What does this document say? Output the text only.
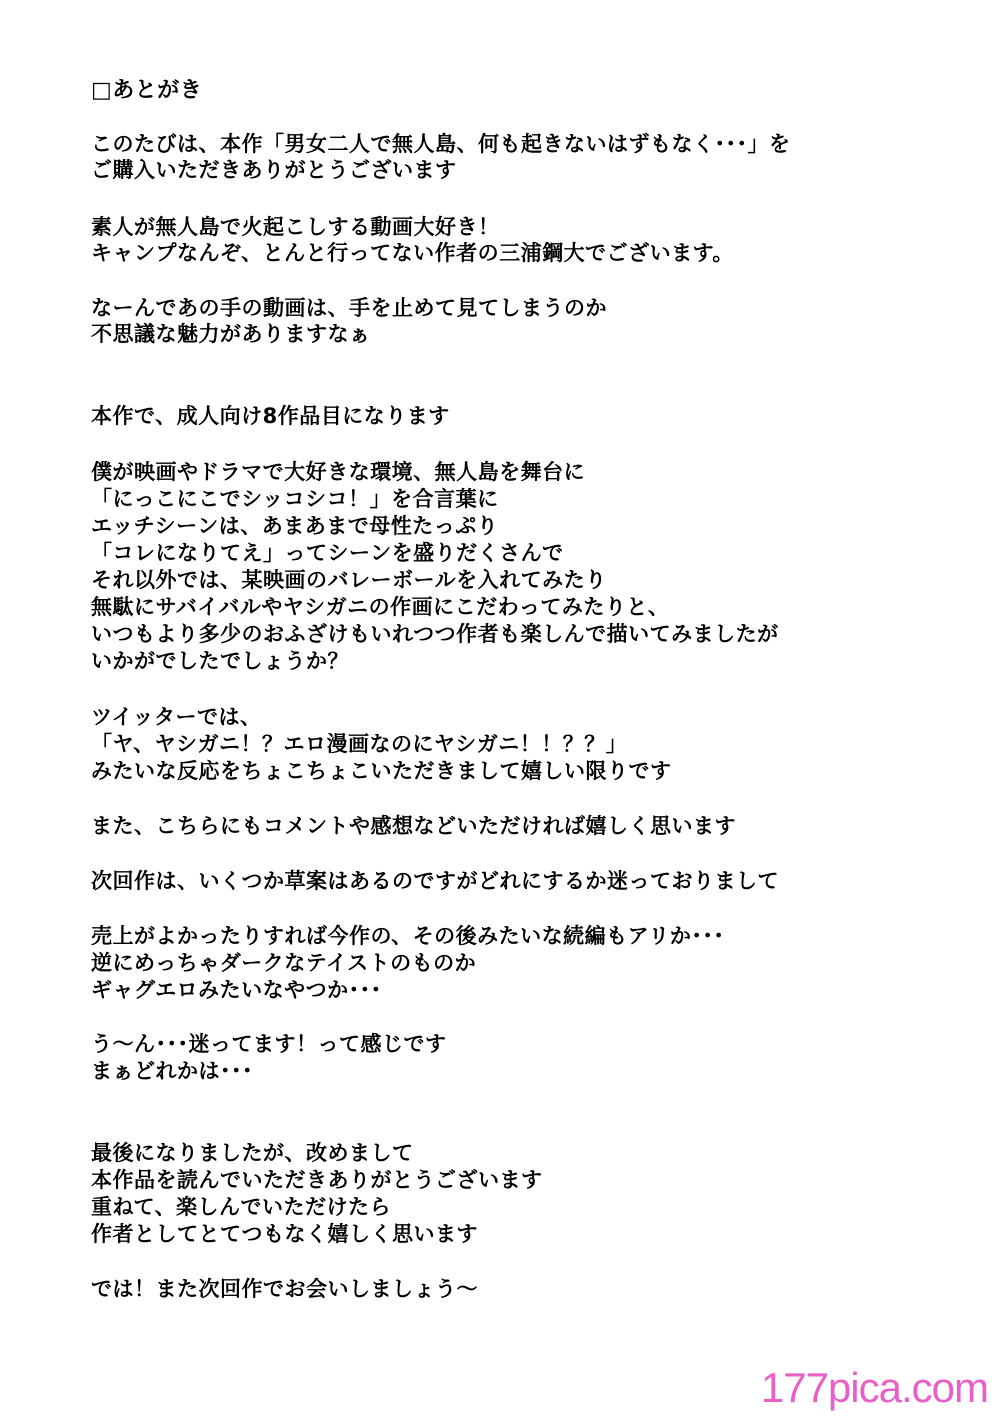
□あとがき
このたびは、本作「男女二人で無人島、何も起きないはずもなく･･･」を
ご購入いただきありがとうございます
素人が無人島で火起こしする動画大好き！
キャンプなんぞ、とんと行ってない作者の三浦鋼大でございます。
なーんであの手の動画は、手を止めて見てしまうのか
不思議な魅力がありますなぁ
本作で、成人向け8作品目になります
僕が映画やドラマで大好きな環境、無人島を舞台に
「にっこにこでシッコシコ！」を合言葉に
エッチシーンは、あまあまで母性たっぷり
「コレになりてえ」ってシーンを盛りだくさんで
それ以外では、某映画のバレーボールを入れてみたり
無駄にサバイバルやヤシガニの作画にこだわってみたりと、
いつもより多少のおふざけもいれつつ作者も楽しんで描いてみましたが
いかがでしたでしょうか？
ツイッターでは、
「ヤ、ヤシガニ！？エロ漫画なのにヤシガニ！！？？」
みたいな反応をちょこちょこいただきまして嬉しい限りです
また、こちらにもコメントや感想などいただければ嬉しく思います
次回作は、いくつか草案はあるのですがどれにするか迷っておりまして
売上がよかったりすれば今作の、その後みたいな続編もアリか･･･
逆にめっちゃダークなテイストのものか
ギャグエロみたいなやつか･･･
う～ん･･･迷ってます！って感じです
まぁどれかは･･･
最後になりましたが、改めまして
本作品を読んでいただきありがとうございます
重ねて、楽しんでいただけたら
作者としてとてつもなく嬉しく思います
では！また次回作でお会いしましょう～
177pica.com
